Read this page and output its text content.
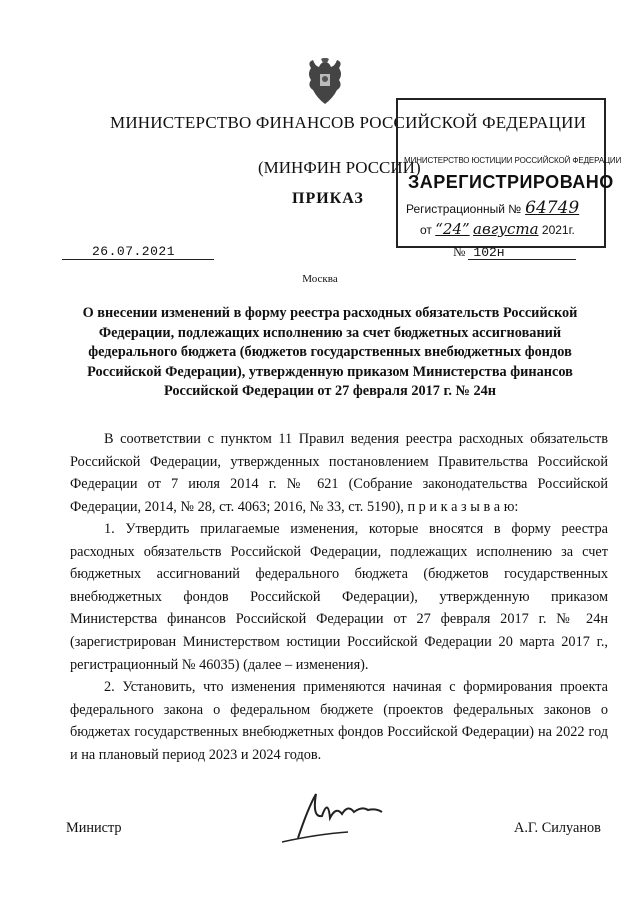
МИНИСТЕРСТВО ФИНАНСОВ РОССИЙСКОЙ ФЕДЕРАЦИИ
(МИНФИН РОССИИ)
ПРИКАЗ
МИНИСТЕРСТВО ЮСТИЦИИ РОССИЙСКОЙ ФЕДЕРАЦИИ
ЗАРЕГИСТРИРОВАНО
Регистрационный № 64749
от “24” августа 2021г.
26.07.2021	№ 102н
Москва
О внесении изменений в форму реестра расходных обязательств Российской Федерации, подлежащих исполнению за счет бюджетных ассигнований федерального бюджета (бюджетов государственных внебюджетных фондов Российской Федерации), утвержденную приказом Министерства финансов Российской Федерации от 27 февраля 2017 г. № 24н
В соответствии с пунктом 11 Правил ведения реестра расходных обязательств Российской Федерации, утвержденных постановлением Правительства Российской Федерации от 7 июля 2014 г. № 621 (Собрание законодательства Российской Федерации, 2014, № 28, ст. 4063; 2016, № 33, ст. 5190), п р и к а з ы в а ю:
1. Утвердить прилагаемые изменения, которые вносятся в форму реестра расходных обязательств Российской Федерации, подлежащих исполнению за счет бюджетных ассигнований федерального бюджета (бюджетов государственных внебюджетных фондов Российской Федерации), утвержденную приказом Министерства финансов Российской Федерации от 27 февраля 2017 г. № 24н (зарегистрирован Министерством юстиции Российской Федерации 20 марта 2017 г., регистрационный № 46035) (далее – изменения).
2. Установить, что изменения применяются начиная с формирования проекта федерального закона о федеральном бюджете (проектов федеральных законов о бюджетах государственных внебюджетных фондов Российской Федерации) на 2022 год и на плановый период 2023 и 2024 годов.
Министр	А.Г. Силуанов
